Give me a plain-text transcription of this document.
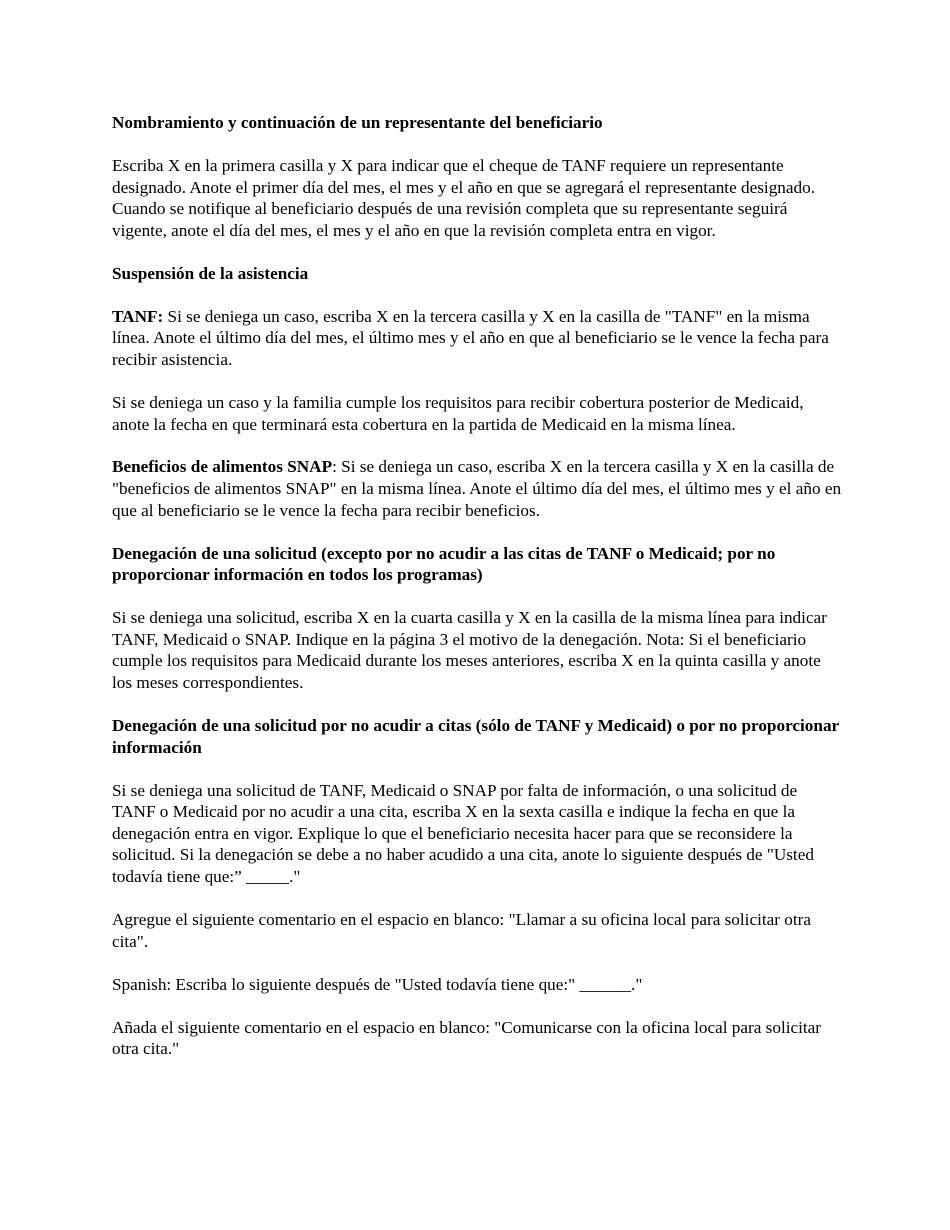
Nombramiento y continuación de un representante del beneficiario

Escriba X en la primera casilla y X para indicar que el cheque de TANF requiere un representante designado. Anote el primer día del mes, el mes y el año en que se agregará el representante designado. Cuando se notifique al beneficiario después de una revisión completa que su representante seguirá vigente, anote el día del mes, el mes y el año en que la revisión completa entra en vigor.

Suspensión de la asistencia

TANF: Si se deniega un caso, escriba X en la tercera casilla y X en la casilla de "TANF" en la misma línea. Anote el último día del mes, el último mes y el año en que al beneficiario se le vence la fecha para recibir asistencia.

Si se deniega un caso y la familia cumple los requisitos para recibir cobertura posterior de Medicaid, anote la fecha en que terminará esta cobertura en la partida de Medicaid en la misma línea.

Beneficios de alimentos SNAP: Si se deniega un caso, escriba X en la tercera casilla y X en la casilla de "beneficios de alimentos SNAP" en la misma línea. Anote el último día del mes, el último mes y el año en que al beneficiario se le vence la fecha para recibir beneficios.

Denegación de una solicitud (excepto por no acudir a las citas de TANF o Medicaid; por no proporcionar información en todos los programas)

Si se deniega una solicitud, escriba X en la cuarta casilla y X en la casilla de la misma línea para indicar TANF, Medicaid o SNAP. Indique en la página 3 el motivo de la denegación. Nota: Si el beneficiario cumple los requisitos para Medicaid durante los meses anteriores, escriba X en la quinta casilla y anote los meses correspondientes.

Denegación de una solicitud por no acudir a citas (sólo de TANF y Medicaid) o por no proporcionar información

Si se deniega una solicitud de TANF, Medicaid o SNAP por falta de información, o una solicitud de TANF o Medicaid por no acudir a una cita, escriba X en la sexta casilla e indique la fecha en que la denegación entra en vigor. Explique lo que el beneficiario necesita hacer para que se reconsidere la solicitud. Si la denegación se debe a no haber acudido a una cita, anote lo siguiente después de "Usted todavía tiene que:” _____."

Agregue el siguiente comentario en el espacio en blanco: "Llamar a su oficina local para solicitar otra cita".

Spanish: Escriba lo siguiente después de "Usted todavía tiene que:" ______."

Añada el siguiente comentario en el espacio en blanco: "Comunicarse con la oficina local para solicitar otra cita."
